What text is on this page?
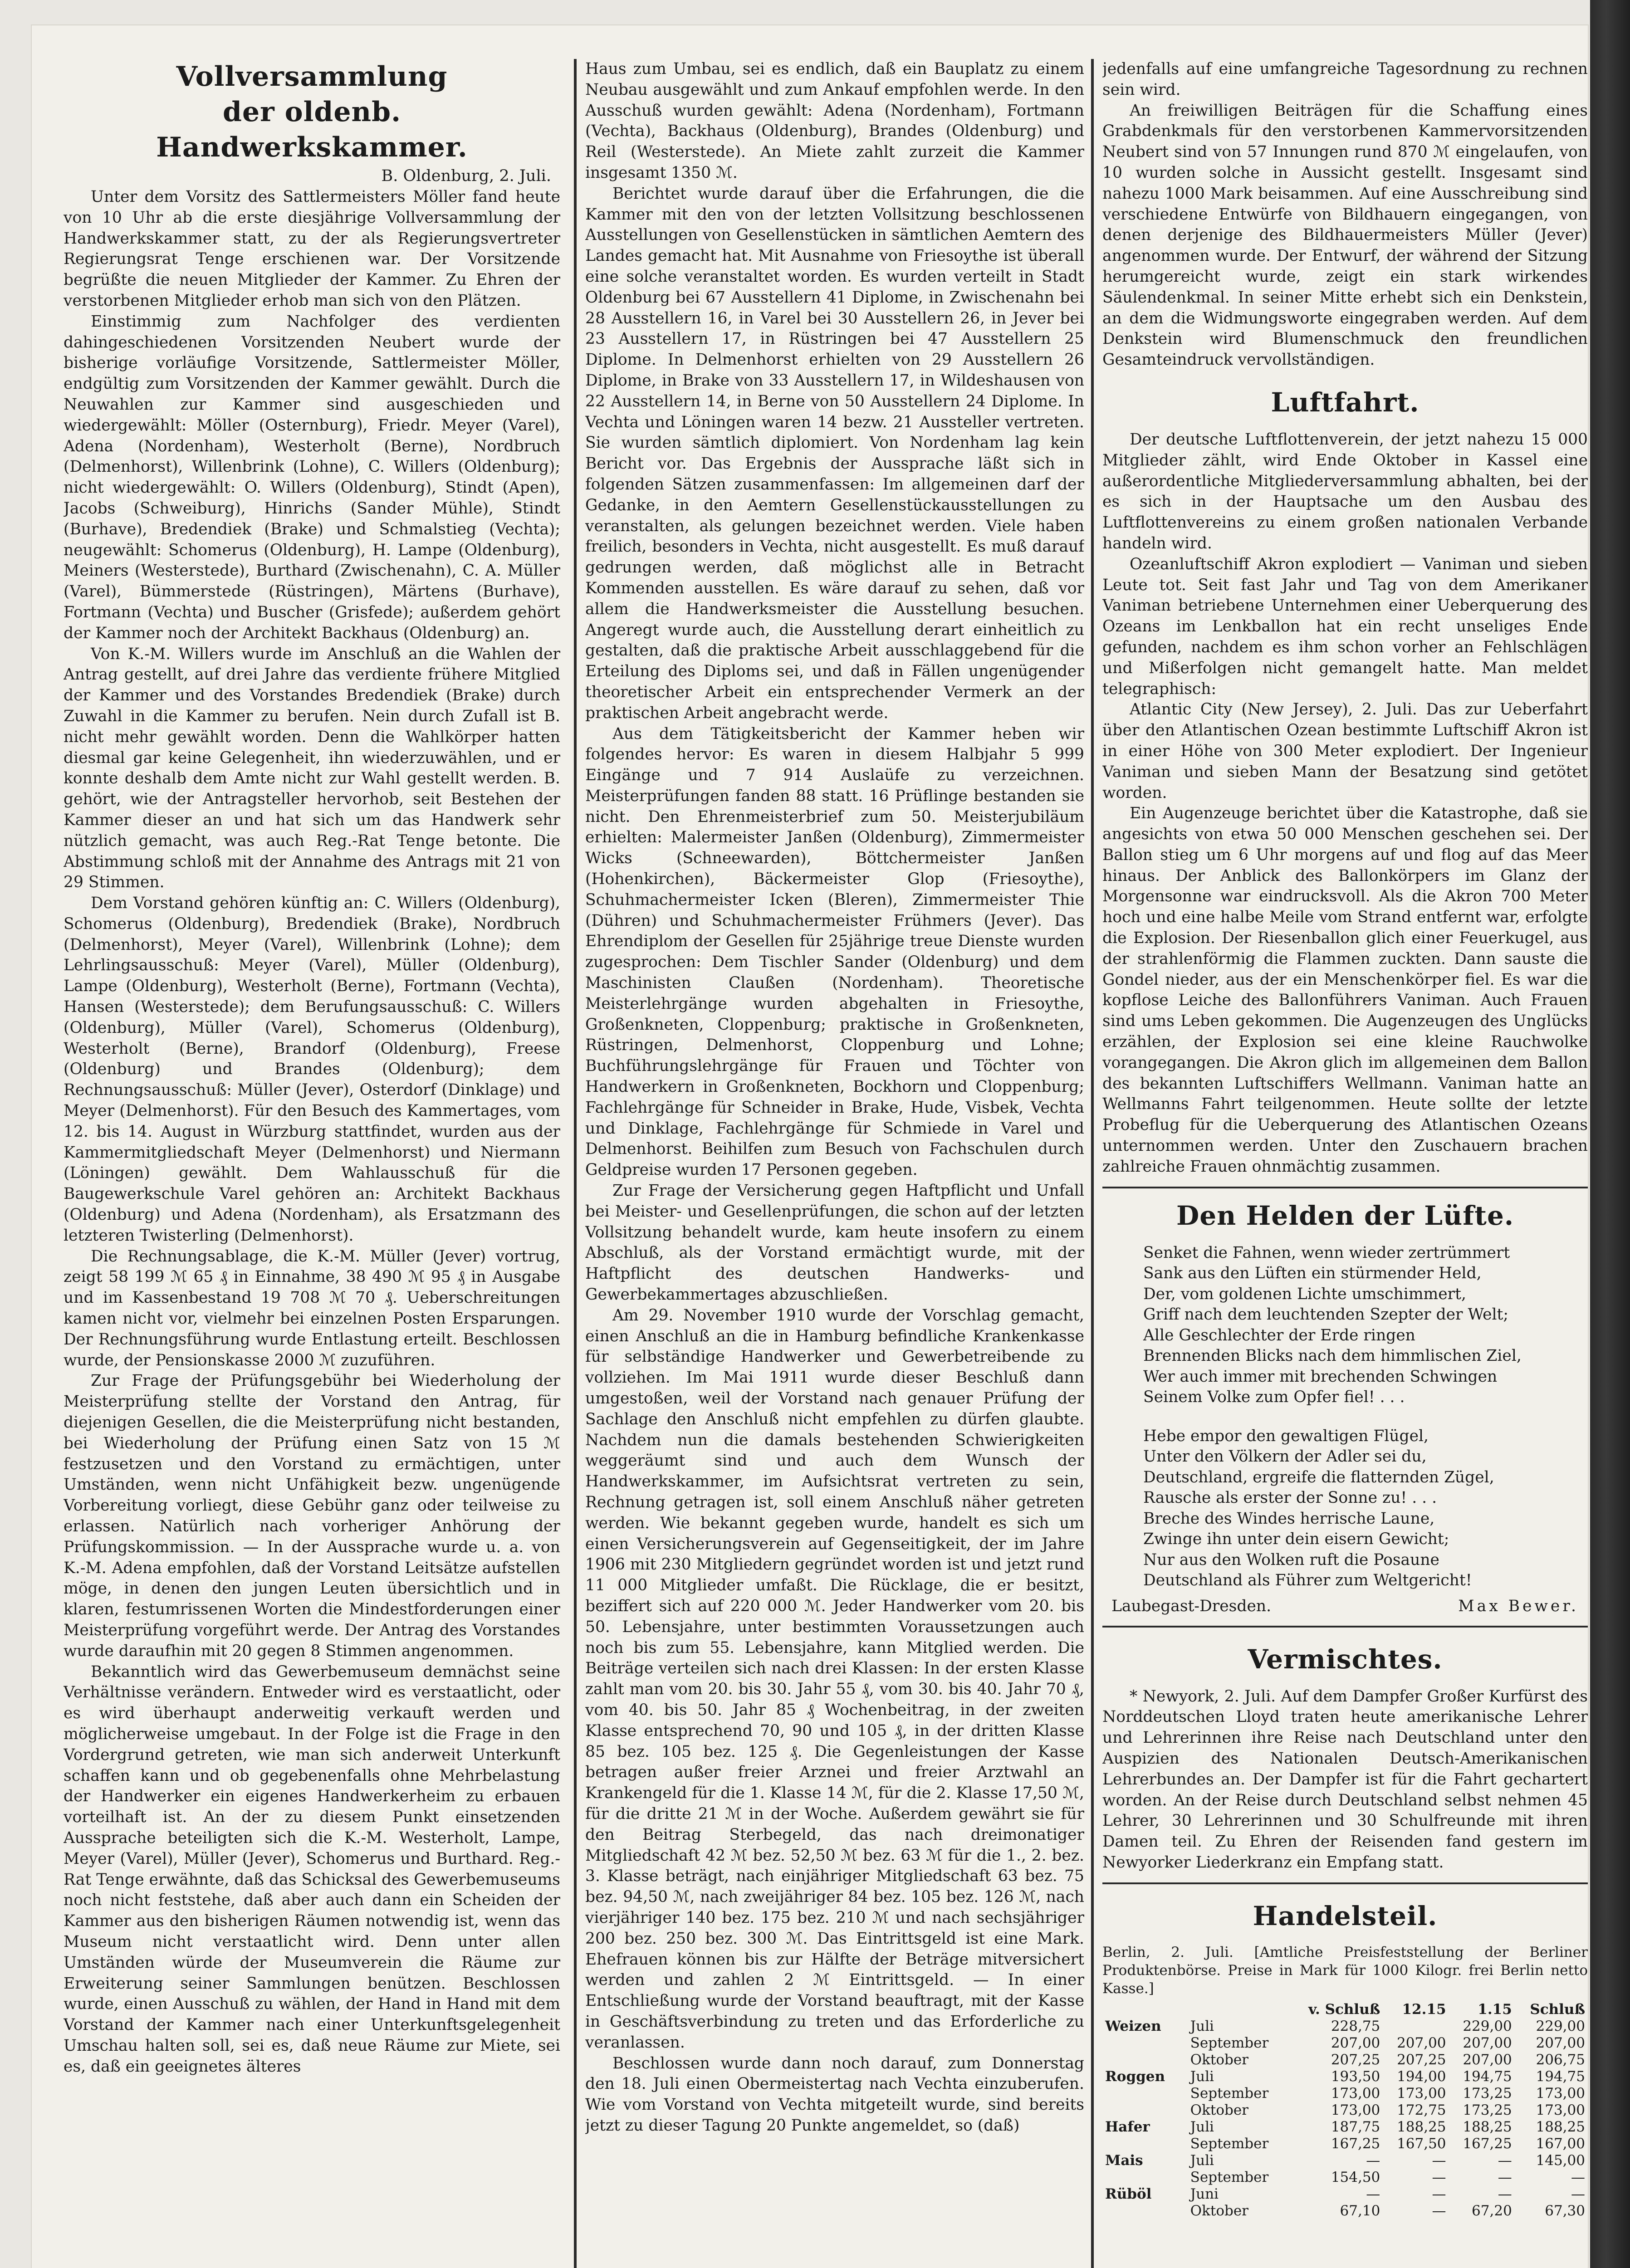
Vollversammlung
der oldenb. Handwerkskammer.
B. Oldenburg, 2. Juli.

Unter dem Vorsitz des Sattlermeisters Möller fand heute von 10 Uhr ab die erste diesjährige Vollversammlung der Handwerkskammer statt, zu der als Regierungsvertreter Regierungsrat Tenge erschienen war. Der Vorsitzende begrüßte die neuen Mitglieder der Kammer. Zu Ehren der verstorbenen Mitglieder erhob man sich von den Plätzen.

Einstimmig zum Nachfolger des verdienten dahingeschiedenen Vorsitzenden Neubert wurde der bisherige vorläufige Vorsitzende, Sattlermeister Möller, endgültig zum Vorsitzenden der Kammer gewählt. Durch die Neuwahlen zur Kammer sind ausgeschieden und wiedergewählt: Möller (Osternburg), Friedr. Meyer (Varel), Adena (Nordenham), Westerholt (Berne), Nordbruch (Delmenhorst), Willenbrink (Lohne), C. Willers (Oldenburg); nicht wiedergewählt: O. Willers (Oldenburg), Stindt (Apen), Jacobs (Schweiburg), Hinrichs (Sander Mühle), Stindt (Burhave), Bredendiek (Brake) und Schmalstieg (Vechta); neugewählt: Schomerus (Oldenburg), H. Lampe (Oldenburg), Meiners (Westerstede), Burthard (Zwischenahn), C. A. Müller (Varel), Bümmerstede (Rüstringen), Märtens (Burhave), Fortmann (Vechta) und Buscher (Grisfede); außerdem gehört der Kammer noch der Architekt Backhaus (Oldenburg) an.

Von K.-M. Willers wurde im Anschluß an die Wahlen der Antrag gestellt, auf drei Jahre das verdiente frühere Mitglied der Kammer und des Vorstandes Bredendiek (Brake) durch Zuwahl in die Kammer zu berufen. Nein durch Zufall ist B. nicht mehr gewählt worden. Denn die Wahlkörper hatten diesmal gar keine Gelegenheit, ihn wiederzuwählen, und er konnte deshalb dem Amte nicht zur Wahl gestellt werden. B. gehört, wie der Antragsteller hervorhob, seit Bestehen der Kammer dieser an und hat sich um das Handwerk sehr nützlich gemacht, was auch Reg.-Rat Tenge betonte. Die Abstimmung schloß mit der Annahme des Antrags mit 21 von 29 Stimmen.

Dem Vorstand gehören künftig an: C. Willers (Oldenburg), Schomerus (Oldenburg), Bredendiek (Brake), Nordbruch (Delmenhorst), Meyer (Varel), Willenbrink (Lohne); dem Lehrlingsausschuß: Meyer (Varel), Müller (Oldenburg), Lampe (Oldenburg), Westerholt (Berne), Fortmann (Vechta), Hansen (Westerstede); dem Berufungsausschuß: C. Willers (Oldenburg), Müller (Varel), Schomerus (Oldenburg), Westerholt (Berne), Brandorf (Oldenburg), Freese (Oldenburg) und Brandes (Oldenburg); dem Rechnungsausschuß: Müller (Jever), Osterdorf (Dinklage) und Meyer (Delmenhorst). Für den Besuch des Kammertages, vom 12. bis 14. August in Würzburg stattfindet, wurden aus der Kammermitgliedschaft Meyer (Delmenhorst) und Niermann (Löningen) gewählt. Dem Wahlausschuß für die Baugewerkschule Varel gehören an: Architekt Backhaus (Oldenburg) und Adena (Nordenham), als Ersatzmann des letzteren Twisterling (Delmenhorst).

Die Rechnungsablage, die K.-M. Müller (Jever) vortrug, zeigt 58 199 ℳ 65 ₰ in Einnahme, 38 490 ℳ 95 ₰ in Ausgabe und im Kassenbestand 19 708 ℳ 70 ₰. Ueberschreitungen kamen nicht vor, vielmehr bei einzelnen Posten Ersparungen. Der Rechnungsführung wurde Entlastung erteilt. Beschlossen wurde, der Pensionskasse 2000 ℳ zuzuführen.

Zur Frage der Prüfungsgebühr bei Wiederholung der Meisterprüfung stellte der Vorstand den Antrag, für diejenigen Gesellen, die die Meisterprüfung nicht bestanden, bei Wiederholung der Prüfung einen Satz von 15 ℳ festzusetzen und den Vorstand zu ermächtigen, unter Umständen, wenn nicht Unfähigkeit bezw. ungenügende Vorbereitung vorliegt, diese Gebühr ganz oder teilweise zu erlassen. Natürlich nach vorheriger Anhörung der Prüfungskommission. — In der Aussprache wurde u. a. von K.-M. Adena empfohlen, daß der Vorstand Leitsätze aufstellen möge, in denen den jungen Leuten übersichtlich und in klaren, festumrissenen Worten die Mindestforderungen einer Meisterprüfung vorgeführt werde. Der Antrag des Vorstandes wurde daraufhin mit 20 gegen 8 Stimmen angenommen.

Bekanntlich wird das Gewerbemuseum demnächst seine Verhältnisse verändern. Entweder wird es verstaatlicht, oder es wird überhaupt anderweitig verkauft werden und möglicherweise umgebaut. In der Folge ist die Frage in den Vordergrund getreten, wie man sich anderweit Unterkunft schaffen kann und ob gegebenenfalls ohne Mehrbelastung der Handwerker ein eigenes Handwerkerheim zu erbauen vorteilhaft ist. An der zu diesem Punkt einsetzenden Aussprache beteiligten sich die K.-M. Westerholt, Lampe, Meyer (Varel), Müller (Jever), Schomerus und Burthard. Reg.-Rat Tenge erwähnte, daß das Schicksal des Gewerbemuseums noch nicht feststehe, daß aber auch dann ein Scheiden der Kammer aus den bisherigen Räumen notwendig ist, wenn das Museum nicht verstaatlicht wird. Denn unter allen Umständen würde der Museumverein die Räume zur Erweiterung seiner Sammlungen benützen. Beschlossen wurde, einen Ausschuß zu wählen, der Hand in Hand mit dem Vorstand der Kammer nach einer Unterkunftsgelegenheit Umschau halten soll, sei es, daß neue Räume zur Miete, sei es, daß ein geeignetes älteres

Haus zum Umbau, sei es endlich, daß ein Bauplatz zu einem Neubau ausgewählt und zum Ankauf empfohlen werde. In den Ausschuß wurden gewählt: Adena (Nordenham), Fortmann (Vechta), Backhaus (Oldenburg), Brandes (Oldenburg) und Reil (Westerstede). An Miete zahlt zurzeit die Kammer insgesamt 1350 ℳ.

Berichtet wurde darauf über die Erfahrungen, die die Kammer mit den von der letzten Vollsitzung beschlossenen Ausstellungen von Gesellenstücken in sämtlichen Aemtern des Landes gemacht hat. Mit Ausnahme von Friesoythe ist überall eine solche veranstaltet worden. Es wurden verteilt in Stadt Oldenburg bei 67 Ausstellern 41 Diplome, in Zwischenahn bei 28 Ausstellern 16, in Varel bei 30 Ausstellern 26, in Jever bei 23 Ausstellern 17, in Rüstringen bei 47 Ausstellern 25 Diplome. In Delmenhorst erhielten von 29 Ausstellern 26 Diplome, in Brake von 33 Ausstellern 17, in Wildeshausen von 22 Ausstellern 14, in Berne von 50 Ausstellern 24 Diplome. In Vechta und Löningen waren 14 bezw. 21 Aussteller vertreten. Sie wurden sämtlich diplomiert. Von Nordenham lag kein Bericht vor. Das Ergebnis der Aussprache läßt sich in folgenden Sätzen zusammenfassen: Im allgemeinen darf der Gedanke, in den Aemtern Gesellenstückausstellungen zu veranstalten, als gelungen bezeichnet werden. Viele haben freilich, besonders in Vechta, nicht ausgestellt. Es muß darauf gedrungen werden, daß möglichst alle in Betracht Kommenden ausstellen. Es wäre darauf zu sehen, daß vor allem die Handwerksmeister die Ausstellung besuchen. Angeregt wurde auch, die Ausstellung derart einheitlich zu gestalten, daß die praktische Arbeit ausschlaggebend für die Erteilung des Diploms sei, und daß in Fällen ungenügender theoretischer Arbeit ein entsprechender Vermerk an der praktischen Arbeit angebracht werde.

Aus dem Tätigkeitsbericht der Kammer heben wir folgendes hervor: Es waren in diesem Halbjahr 5 999 Eingänge und 7 914 Auslaüfe zu verzeichnen. Meisterprüfungen fanden 88 statt. 16 Prüflinge bestanden sie nicht. Den Ehrenmeisterbrief zum 50. Meisterjubiläum erhielten: Malermeister Janßen (Oldenburg), Zimmermeister Wicks (Schneewarden), Böttchermeister Janßen (Hohenkirchen), Bäckermeister Glop (Friesoythe), Schuhmachermeister Icken (Bleren), Zimmermeister Thie (Dühren) und Schuhmachermeister Frühmers (Jever). Das Ehrendiplom der Gesellen für 25jährige treue Dienste wurden zugesprochen: Dem Tischler Sander (Oldenburg) und dem Maschinisten Claußen (Nordenham). Theoretische Meisterlehrgänge wurden abgehalten in Friesoythe, Großenkneten, Cloppenburg; praktische in Großenkneten, Rüstringen, Delmenhorst, Cloppenburg und Lohne; Buchführungslehrgänge für Frauen und Töchter von Handwerkern in Großenkneten, Bockhorn und Cloppenburg; Fachlehrgänge für Schneider in Brake, Hude, Visbek, Vechta und Dinklage, Fachlehrgänge für Schmiede in Varel und Delmenhorst. Beihilfen zum Besuch von Fachschulen durch Geldpreise wurden 17 Personen gegeben.

Zur Frage der Versicherung gegen Haftpflicht und Unfall bei Meister- und Gesellenprüfungen, die schon auf der letzten Vollsitzung behandelt wurde, kam heute insofern zu einem Abschluß, als der Vorstand ermächtigt wurde, mit der Haftpflicht des deutschen Handwerks- und Gewerbekammertages abzuschließen.

Am 29. November 1910 wurde der Vorschlag gemacht, einen Anschluß an die in Hamburg befindliche Krankenkasse für selbständige Handwerker und Gewerbetreibende zu vollziehen. Im Mai 1911 wurde dieser Beschluß dann umgestoßen, weil der Vorstand nach genauer Prüfung der Sachlage den Anschluß nicht empfehlen zu dürfen glaubte. Nachdem nun die damals bestehenden Schwierigkeiten weggeräumt sind und auch dem Wunsch der Handwerkskammer, im Aufsichtsrat vertreten zu sein, Rechnung getragen ist, soll einem Anschluß näher getreten werden. Wie bekannt gegeben wurde, handelt es sich um einen Versicherungsverein auf Gegenseitigkeit, der im Jahre 1906 mit 230 Mitgliedern gegründet worden ist und jetzt rund 11 000 Mitglieder umfaßt. Die Rücklage, die er besitzt, beziffert sich auf 220 000 ℳ. Jeder Handwerker vom 20. bis 50. Lebensjahre, unter bestimmten Voraussetzungen auch noch bis zum 55. Lebensjahre, kann Mitglied werden. Die Beiträge verteilen sich nach drei Klassen: In der ersten Klasse zahlt man vom 20. bis 30. Jahr 55 ₰, vom 30. bis 40. Jahr 70 ₰, vom 40. bis 50. Jahr 85 ₰ Wochenbeitrag, in der zweiten Klasse entsprechend 70, 90 und 105 ₰, in der dritten Klasse 85 bez. 105 bez. 125 ₰. Die Gegenleistungen der Kasse betragen außer freier Arznei und freier Arztwahl an Krankengeld für die 1. Klasse 14 ℳ, für die 2. Klasse 17,50 ℳ, für die dritte 21 ℳ in der Woche. Außerdem gewährt sie für den Beitrag Sterbegeld, das nach dreimonatiger Mitgliedschaft 42 ℳ bez. 52,50 ℳ bez. 63 ℳ für die 1., 2. bez. 3. Klasse beträgt, nach einjähriger Mitgliedschaft 63 bez. 75 bez. 94,50 ℳ, nach zweijähriger 84 bez. 105 bez. 126 ℳ, nach vierjähriger 140 bez. 175 bez. 210 ℳ und nach sechsjähriger 200 bez. 250 bez. 300 ℳ. Das Eintrittsgeld ist eine Mark. Ehefrauen können bis zur Hälfte der Beträge mitversichert werden und zahlen 2 ℳ Eintrittsgeld. — In einer Entschließung wurde der Vorstand beauftragt, mit der Kasse in Geschäftsverbindung zu treten und das Erforderliche zu veranlassen.

Beschlossen wurde dann noch darauf, zum Donnerstag den 18. Juli einen Obermeistertag nach Vechta einzuberufen. Wie vom Vorstand von Vechta mitgeteilt wurde, sind bereits jetzt zu dieser Tagung 20 Punkte angemeldet, so (daß)

jedenfalls auf eine umfangreiche Tagesordnung zu rechnen sein wird.

An freiwilligen Beiträgen für die Schaffung eines Grabdenkmals für den verstorbenen Kammervorsitzenden Neubert sind von 57 Innungen rund 870 ℳ eingelaufen, von 10 wurden solche in Aussicht gestellt. Insgesamt sind nahezu 1000 Mark beisammen. Auf eine Ausschreibung sind verschiedene Entwürfe von Bildhauern eingegangen, von denen derjenige des Bildhauermeisters Müller (Jever) angenommen wurde. Der Entwurf, der während der Sitzung herumgereicht wurde, zeigt ein stark wirkendes Säulendenkmal. In seiner Mitte erhebt sich ein Denkstein, an dem die Widmungsworte eingegraben werden. Auf dem Denkstein wird Blumenschmuck den freundlichen Gesamteindruck vervollständigen.

Luftfahrt.

Der deutsche Luftflottenverein, der jetzt nahezu 15 000 Mitglieder zählt, wird Ende Oktober in Kassel eine außerordentliche Mitgliederversammlung abhalten, bei der es sich in der Hauptsache um den Ausbau des Luftflottenvereins zu einem großen nationalen Verbande handeln wird.

Ozeanluftschiff Akron explodiert — Vaniman und sieben Leute tot. Seit fast Jahr und Tag von dem Amerikaner Vaniman betriebene Unternehmen einer Ueberquerung des Ozeans im Lenkballon hat ein recht unseliges Ende gefunden, nachdem es ihm schon vorher an Fehlschlägen und Mißerfolgen nicht gemangelt hatte. Man meldet telegraphisch:

Atlantic City (New Jersey), 2. Juli. Das zur Ueberfahrt über den Atlantischen Ozean bestimmte Luftschiff Akron ist in einer Höhe von 300 Meter explodiert. Der Ingenieur Vaniman und sieben Mann der Besatzung sind getötet worden.

Ein Augenzeuge berichtet über die Katastrophe, daß sie angesichts von etwa 50 000 Menschen geschehen sei. Der Ballon stieg um 6 Uhr morgens auf und flog auf das Meer hinaus. Der Anblick des Ballonkörpers im Glanz der Morgensonne war eindrucksvoll. Als die Akron 700 Meter hoch und eine halbe Meile vom Strand entfernt war, erfolgte die Explosion. Der Riesenballon glich einer Feuerkugel, aus der strahlenförmig die Flammen zuckten. Dann sauste die Gondel nieder, aus der ein Menschenkörper fiel. Es war die kopflose Leiche des Ballonführers Vaniman. Auch Frauen sind ums Leben gekommen. Die Augenzeugen des Unglücks erzählen, der Explosion sei eine kleine Rauchwolke vorangegangen. Die Akron glich im allgemeinen dem Ballon des bekannten Luftschiffers Wellmann. Vaniman hatte an Wellmanns Fahrt teilgenommen. Heute sollte der letzte Probeflug für die Ueberquerung des Atlantischen Ozeans unternommen werden. Unter den Zuschauern brachen zahlreiche Frauen ohnmächtig zusammen.

Den Helden der Lüfte.
Senket die Fahnen, wenn wieder zertrümmert
Sank aus den Lüften ein stürmender Held,
Der, vom goldenen Lichte umschimmert,
Griff nach dem leuchtenden Szepter der Welt;
Alle Geschlechter der Erde ringen
Brennenden Blicks nach dem himmlischen Ziel,
Wer auch immer mit brechenden Schwingen
Seinem Volke zum Opfer fiel! . . .
Hebe empor den gewaltigen Flügel,
Unter den Völkern der Adler sei du,
Deutschland, ergreife die flatternden Zügel,
Rausche als erster der Sonne zu! . . .
Breche des Windes herrische Laune,
Zwinge ihn unter dein eisern Gewicht;
Nur aus den Wolken ruft die Posaune
Deutschland als Führer zum Weltgericht!
Laubegast-Dresden.	Max Bewer.
Vermischtes.

* Newyork, 2. Juli. Auf dem Dampfer Großer Kurfürst des Norddeutschen Lloyd traten heute amerikanische Lehrer und Lehrerinnen ihre Reise nach Deutschland unter den Auspizien des Nationalen Deutsch-Amerikanischen Lehrerbundes an. Der Dampfer ist für die Fahrt gechartert worden. An der Reise durch Deutschland selbst nehmen 45 Lehrer, 30 Lehrerinnen und 30 Schulfreunde mit ihren Damen teil. Zu Ehren der Reisenden fand gestern im Newyorker Liederkranz ein Empfang statt.

Handelsteil.
Berlin, 2. Juli. [Amtliche Preisfeststellung der Berliner Produktenbörse. Preise in Mark für 1000 Kilogr. frei Berlin netto Kasse.]
		v. Schluß	12.15	1.15	Schluß
Weizen	Juli	228,75		229,00	229,00
	September	207,00	207,00	207,00	207,00
	Oktober	207,25	207,25	207,00	206,75
Roggen	Juli	193,50	194,00	194,75	194,75
	September	173,00	173,00	173,25	173,00
	Oktober	173,00	172,75	173,25	173,00
Hafer	Juli	187,75	188,25	188,25	188,25
	September	167,25	167,50	167,25	167,00
Mais	Juli	—	—	—	145,00
	September	154,50	—	—	—
Rüböl	Juni	—	—	—	—
	Oktober	67,10	—	67,20	67,30
